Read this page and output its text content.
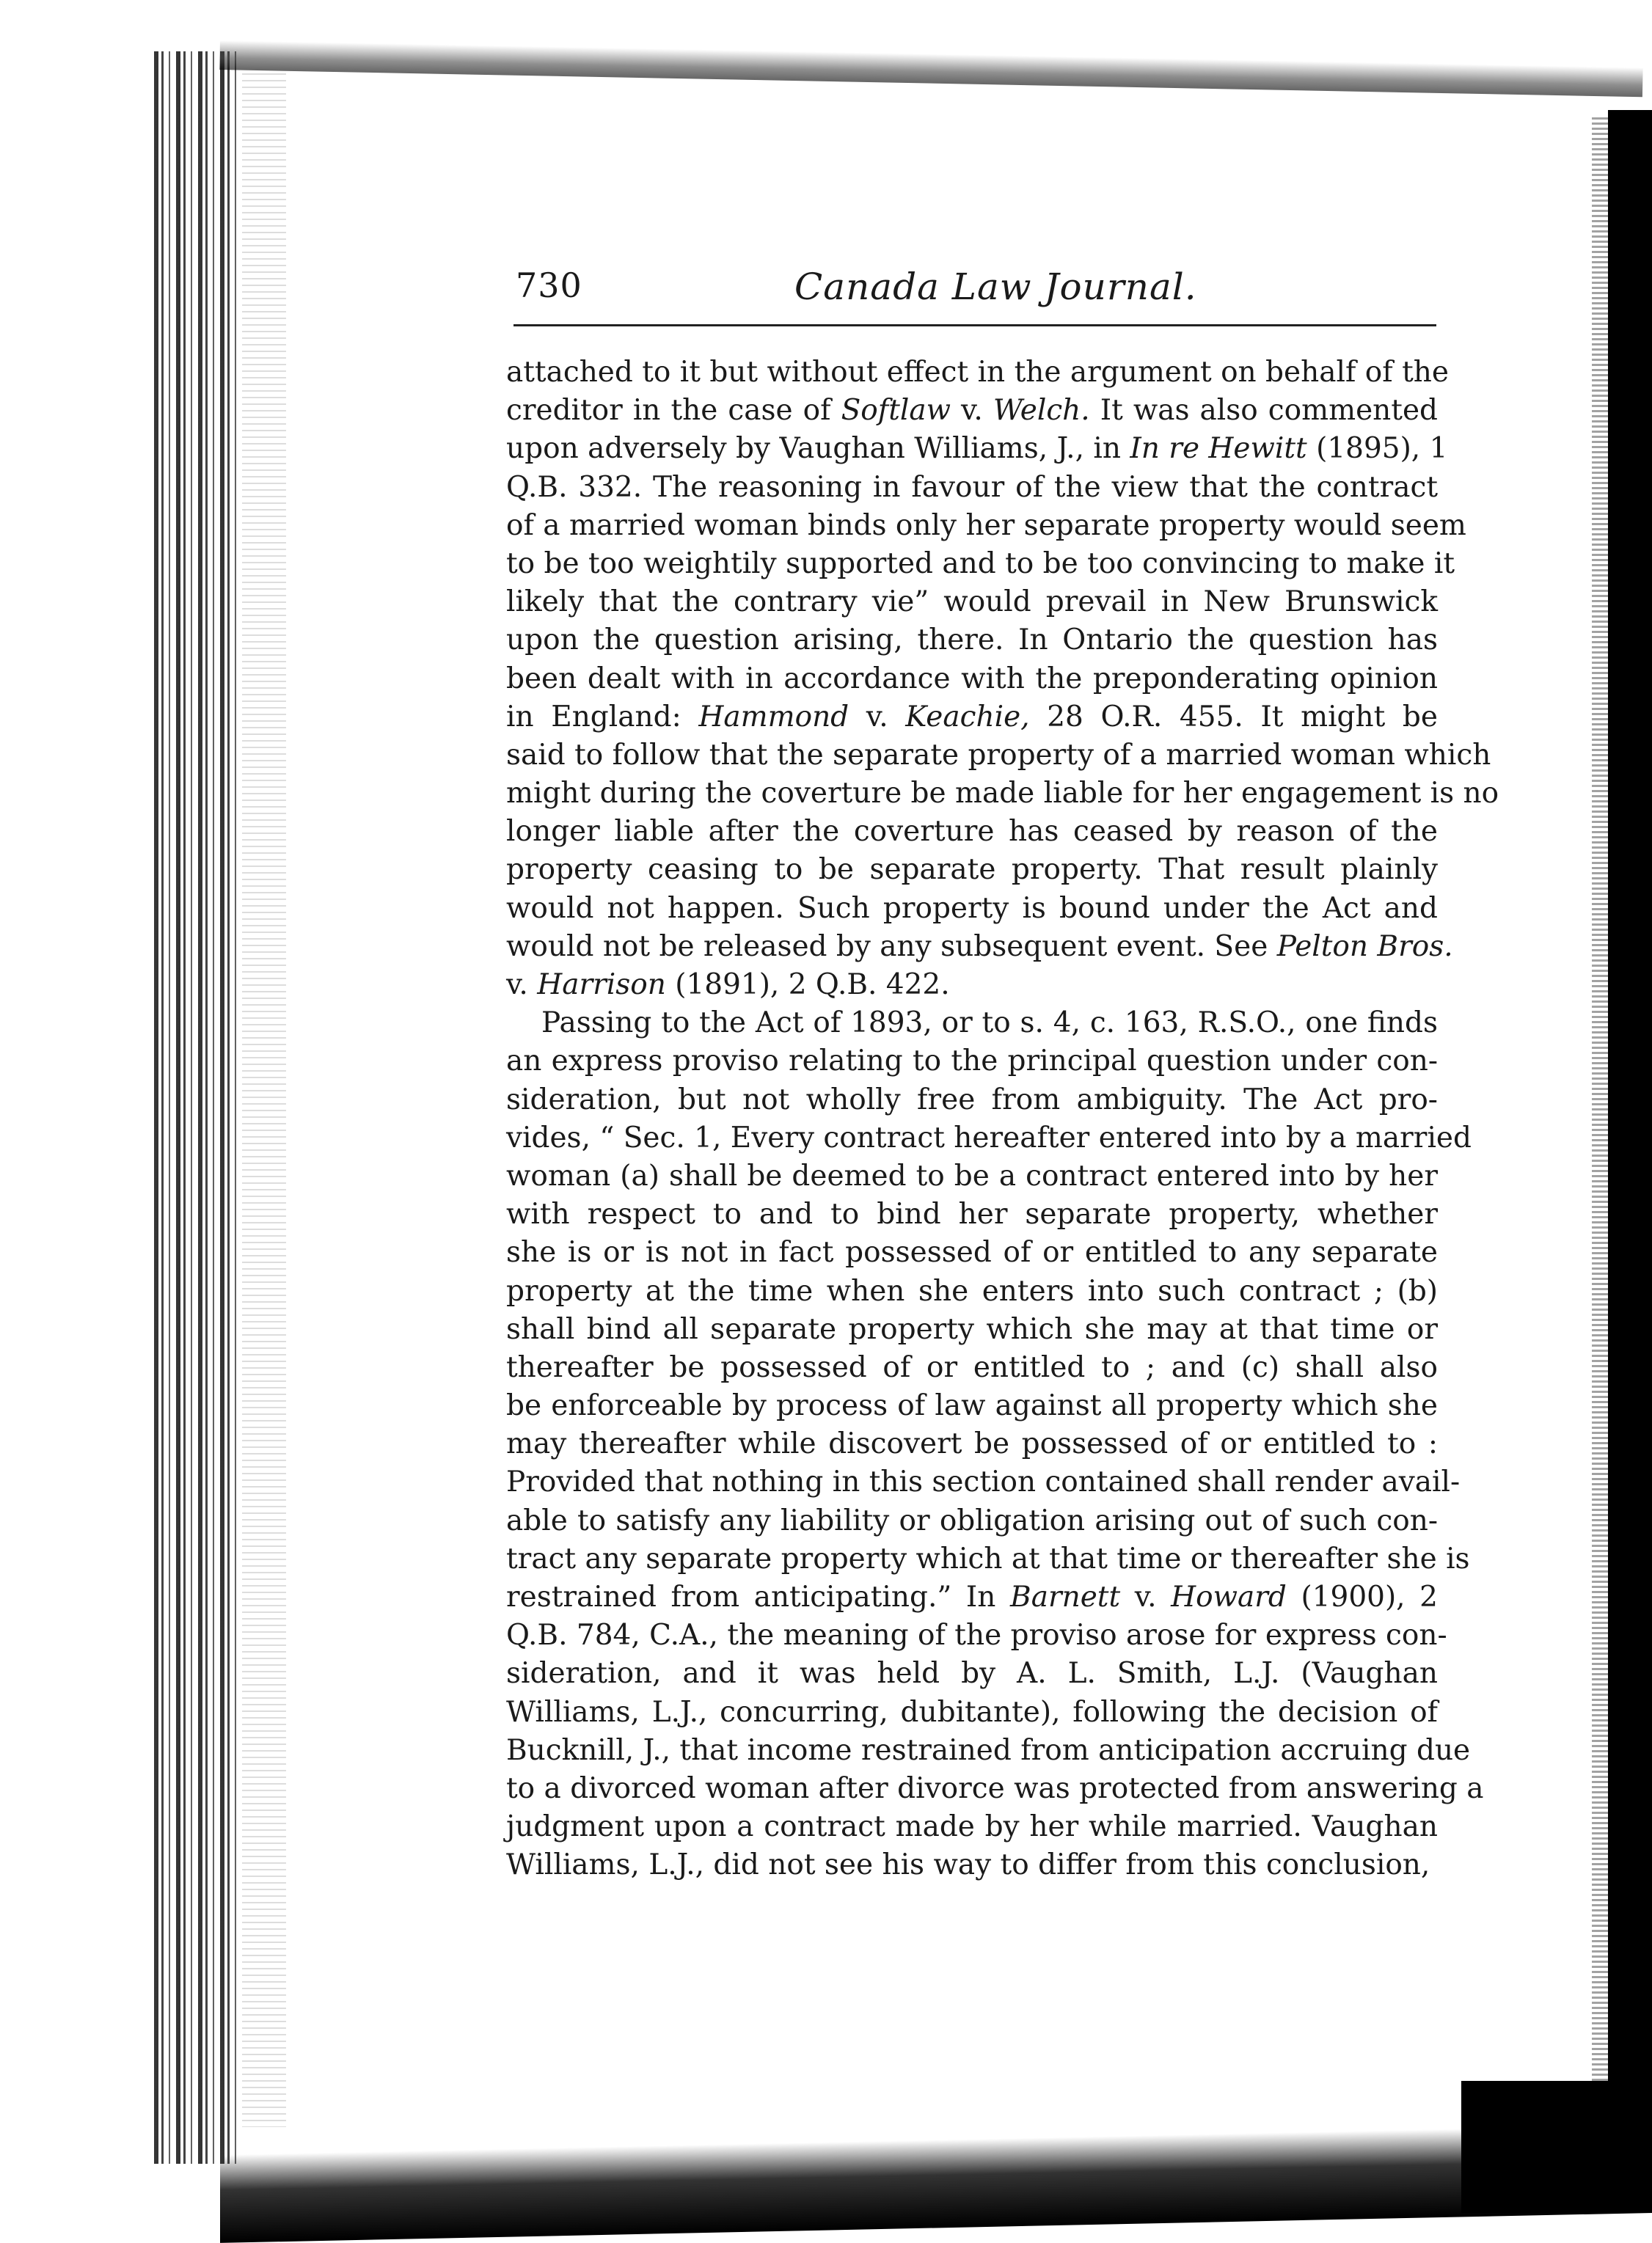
730	Canada Law Journal.
attached to it but without effect in the argument on behalf of the
creditor in the case of Softlaw v. Welch. It was also commented
upon adversely by Vaughan Williams, J., in In re Hewitt (1895), 1
Q.B. 332. The reasoning in favour of the view that the contract
of a married woman binds only her separate property would seem
to be too weightily supported and to be too convincing to make it
likely that the contrary vie” would prevail in New Brunswick
upon the question arising, there. In Ontario the question has
been dealt with in accordance with the preponderating opinion
in England: Hammond v. Keachie, 28 O.R. 455. It might be
said to follow that the separate property of a married woman which
might during the coverture be made liable for her engagement is no
longer liable after the coverture has ceased by reason of the
property ceasing to be separate property. That result plainly
would not happen. Such property is bound under the Act and
would not be released by any subsequent event. See Pelton Bros.
v. Harrison (1891), 2 Q.B. 422.
Passing to the Act of 1893, or to s. 4, c. 163, R.S.O., one finds
an express proviso relating to the principal question under con-
sideration, but not wholly free from ambiguity. The Act pro-
vides, “ Sec. 1, Every contract hereafter entered into by a married
woman (a) shall be deemed to be a contract entered into by her
with respect to and to bind her separate property, whether
she is or is not in fact possessed of or entitled to any separate
property at the time when she enters into such contract ; (b)
shall bind all separate property which she may at that time or
thereafter be possessed of or entitled to ; and (c) shall also
be enforceable by process of law against all property which she
may thereafter while discovert be possessed of or entitled to :
Provided that nothing in this section contained shall render avail-
able to satisfy any liability or obligation arising out of such con-
tract any separate property which at that time or thereafter she is
restrained from anticipating.” In Barnett v. Howard (1900), 2
Q.B. 784, C.A., the meaning of the proviso arose for express con-
sideration, and it was held by A. L. Smith, L.J. (Vaughan
Williams, L.J., concurring, dubitante), following the decision of
Bucknill, J., that income restrained from anticipation accruing due
to a divorced woman after divorce was protected from answering a
judgment upon a contract made by her while married. Vaughan
Williams, L.J., did not see his way to differ from this conclusion,
